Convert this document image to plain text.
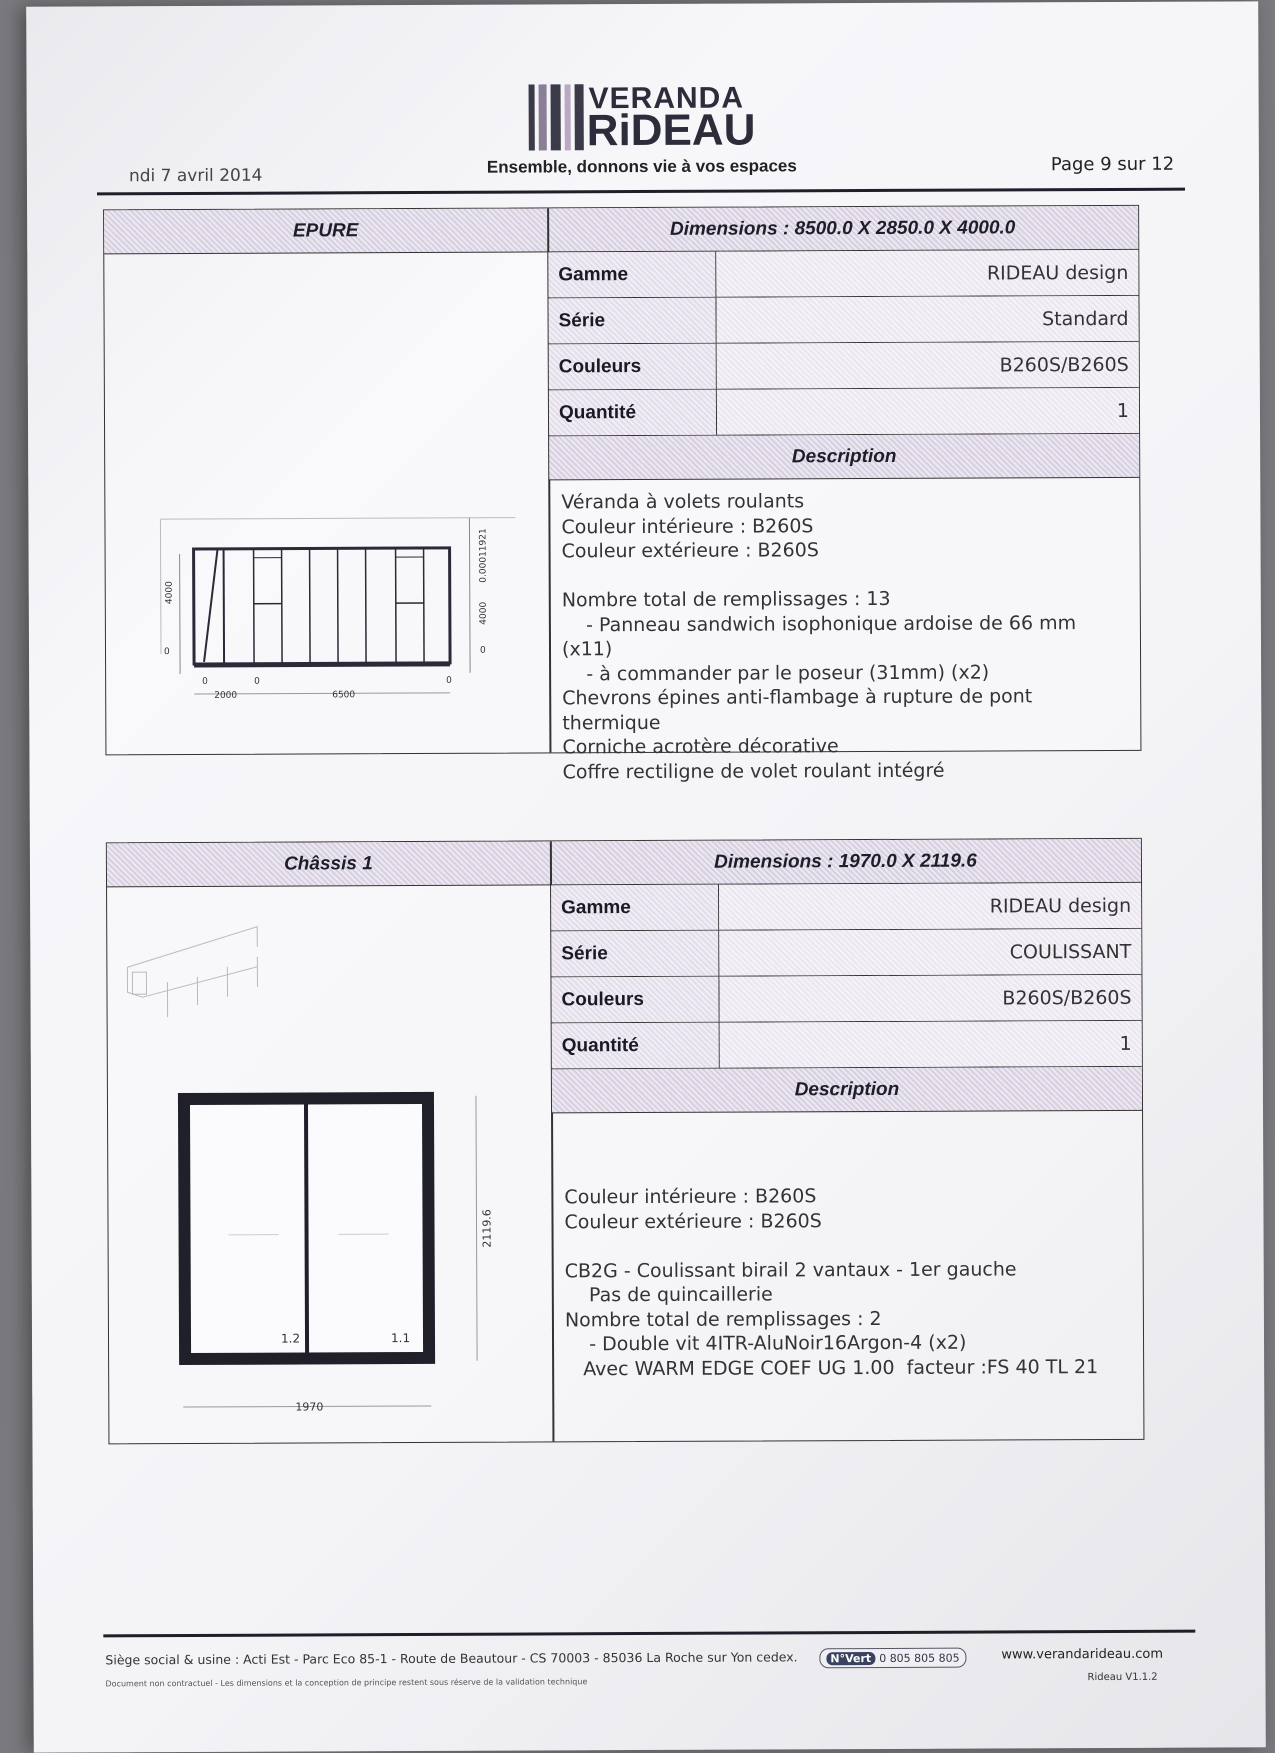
VERANDA
RiDEAU
ndi 7 avril 2014	Ensemble, donnons vie à vos espaces	Page 9 sur 12
EPURE	Dimensions : 8500.0 X 2850.0 X 4000.0
Gamme	RIDEAU design
Série	Standard
Couleurs	B260S/B260S
Quantité	1
Description
Véranda à volets roulants
Couleur intérieure : B260S
Couleur extérieure : B260S

Nombre total de remplissages : 13
- Panneau sandwich isophonique ardoise de 66 mm
(x11)
- à commander par le poseur (31mm) (x2)
Chevrons épines anti-flambage à rupture de pont
thermique
Corniche acrotère décorative
Coffre rectiligne de volet roulant intégré
4000
0
0.00011921
4000
0
0	0	0
2000	6500
Châssis 1	Dimensions : 1970.0 X 2119.6
Gamme	RIDEAU design
Série	COULISSANT
Couleurs	B260S/B260S
Quantité	1
Description
Couleur intérieure : B260S
Couleur extérieure : B260S

CB2G - Coulissant birail 2 vantaux - 1er gauche
Pas de quincaillerie
Nombre total de remplissages : 2
- Double vit 4ITR-AluNoir16Argon-4 (x2)
Avec WARM EDGE COEF UG 1.00  facteur :FS 40 TL 21
1.2	1.1
2119.6
1970
Siège social & usine : Acti Est - Parc Eco 85-1 - Route de Beautour - CS 70003 - 85036 La Roche sur Yon cedex.	N°Vert 0 805 805 805	www.verandarideau.com
Document non contractuel - Les dimensions et la conception de principe restent sous réserve de la validation technique	Rideau V1.1.2
